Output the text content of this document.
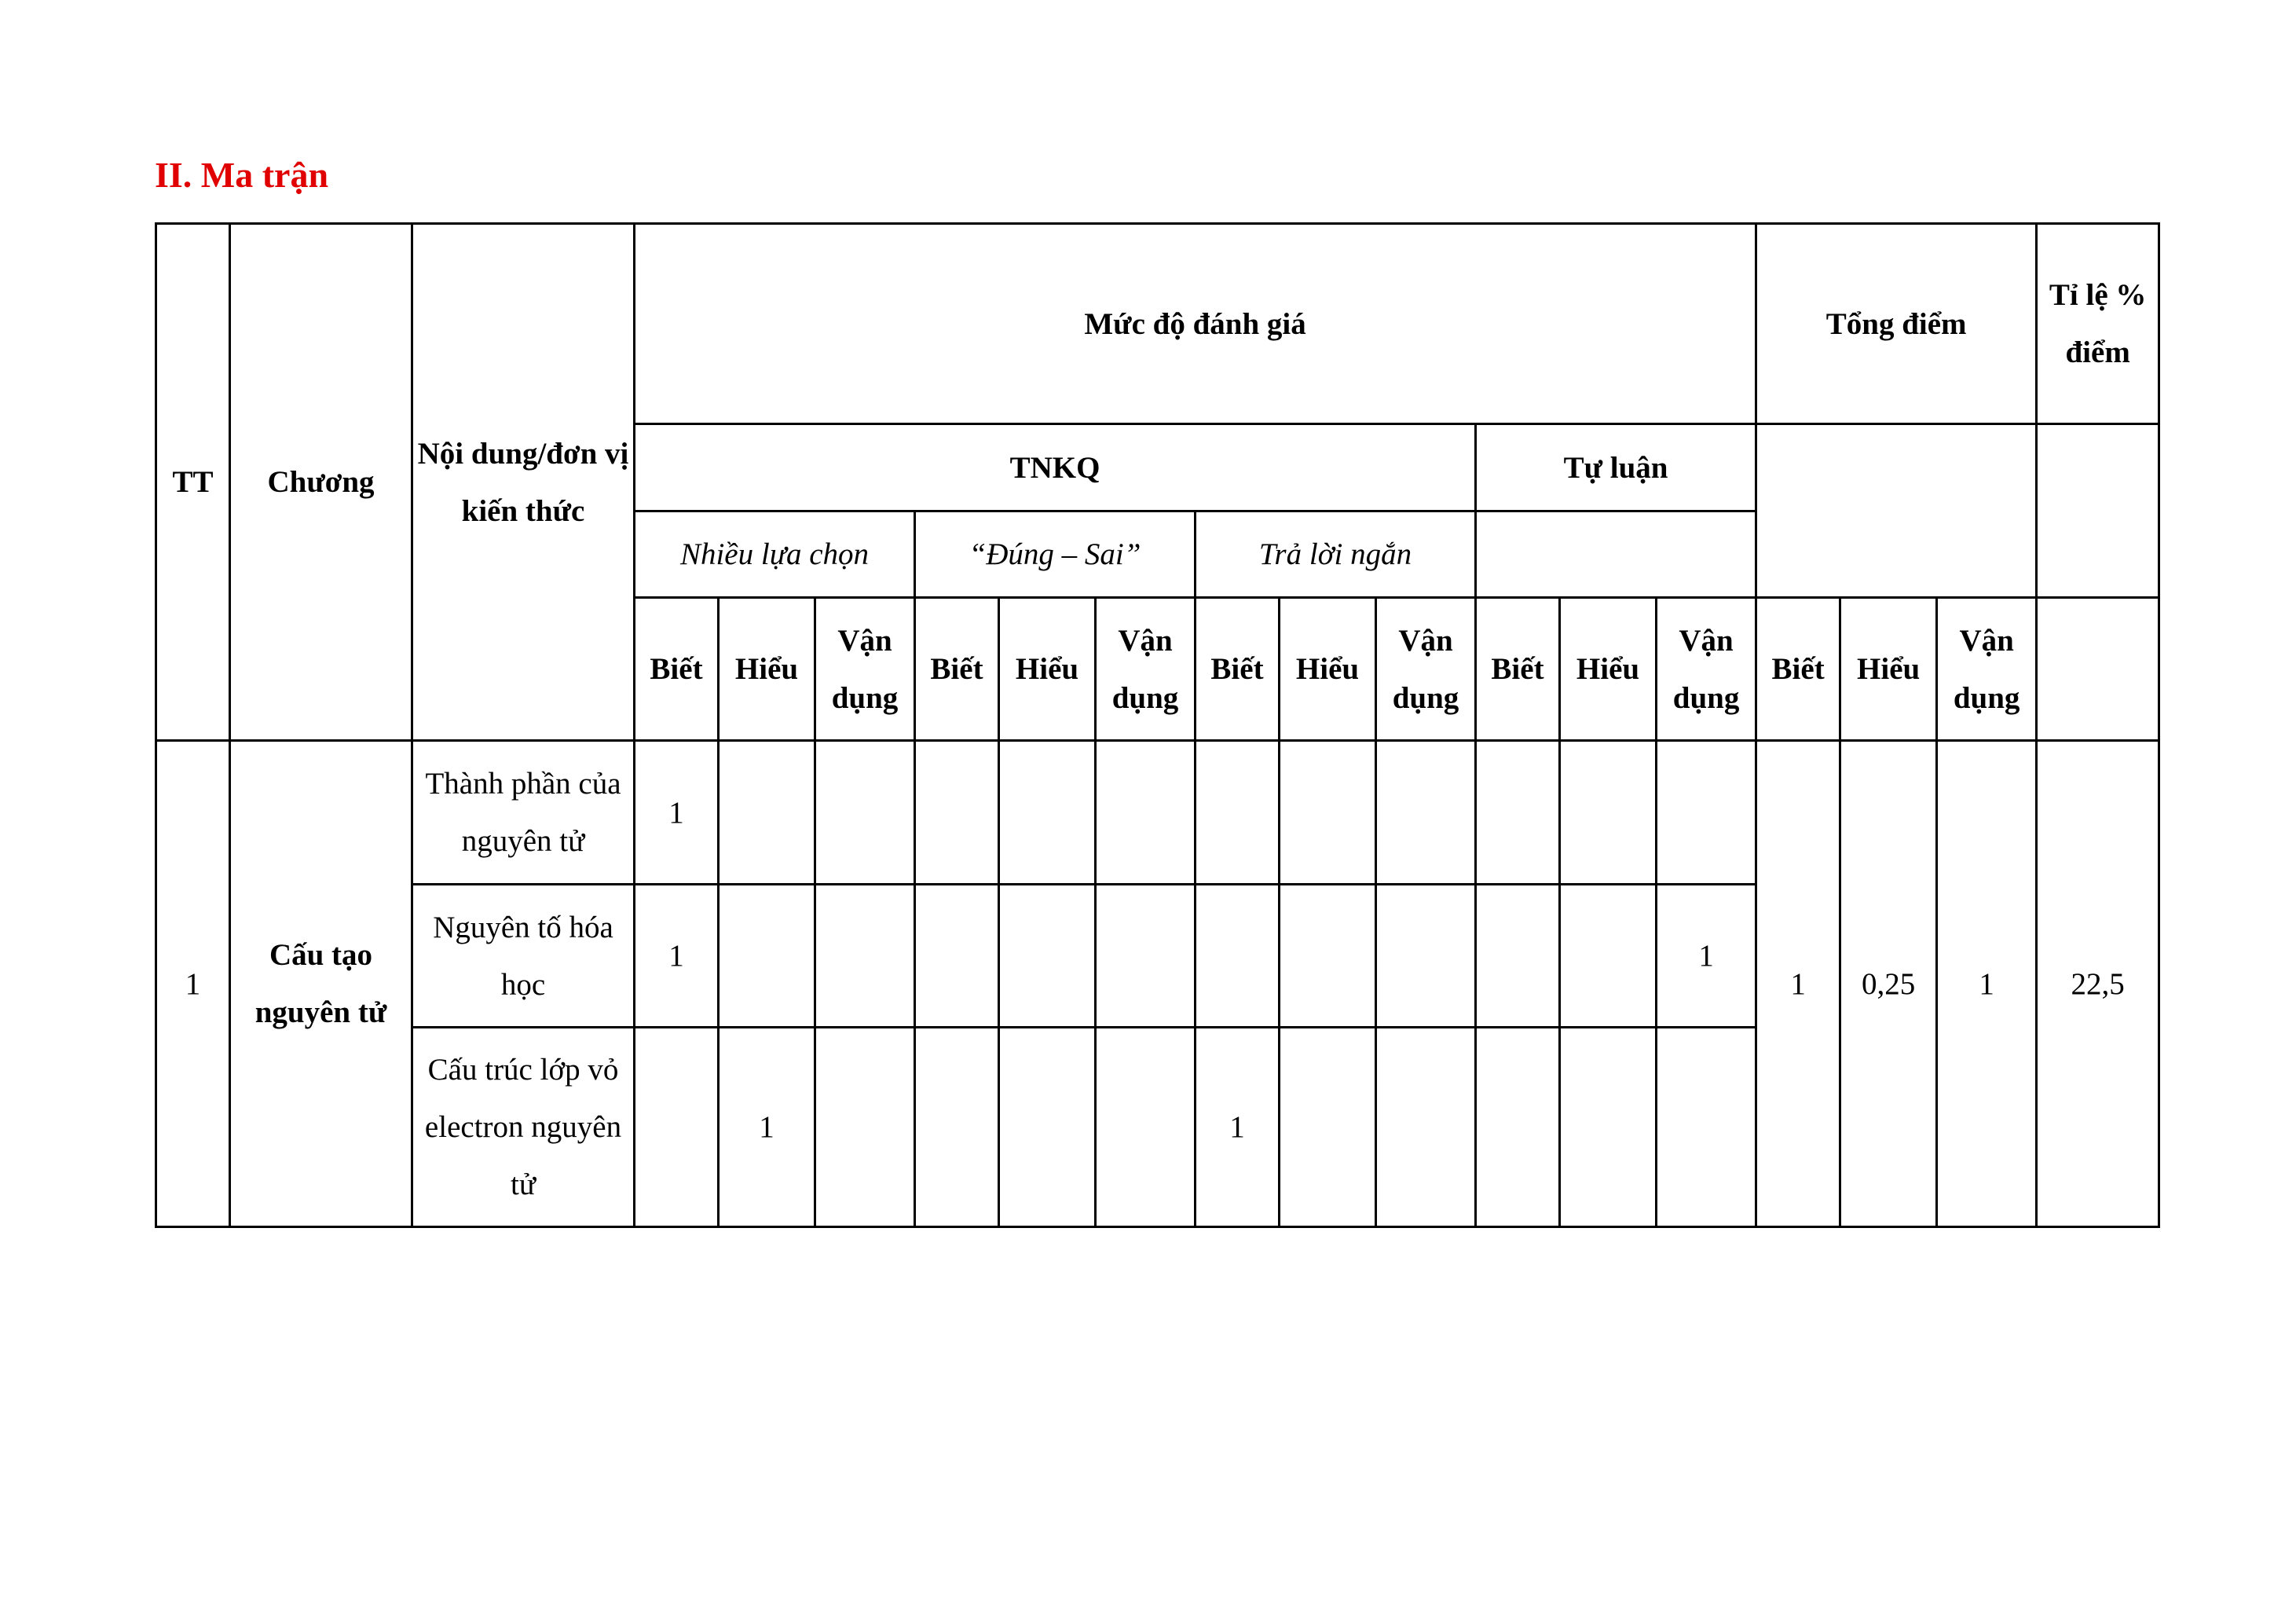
II. Ma trận
TT	Chương	Nội dung/đơn vị kiến thức	Mức độ đánh giá												Tổng điểm			Tỉ lệ % điểm
			TNKQ									Tự luận						
			Nhiều lựa chọn			“Đúng – Sai”			Trả lời ngắn									
			Biết	Hiểu	Vận dụng	Biết	Hiểu	Vận dụng	Biết	Hiểu	Vận dụng	Biết	Hiểu	Vận dụng	Biết	Hiểu	Vận dụng	
1	Cấu tạo nguyên tử	Thành phần của nguyên tử	1												1	0,25	1	22,5
		Nguyên tố hóa học	1											1				
		Cấu trúc lớp vỏ electron nguyên tử		1					1									
